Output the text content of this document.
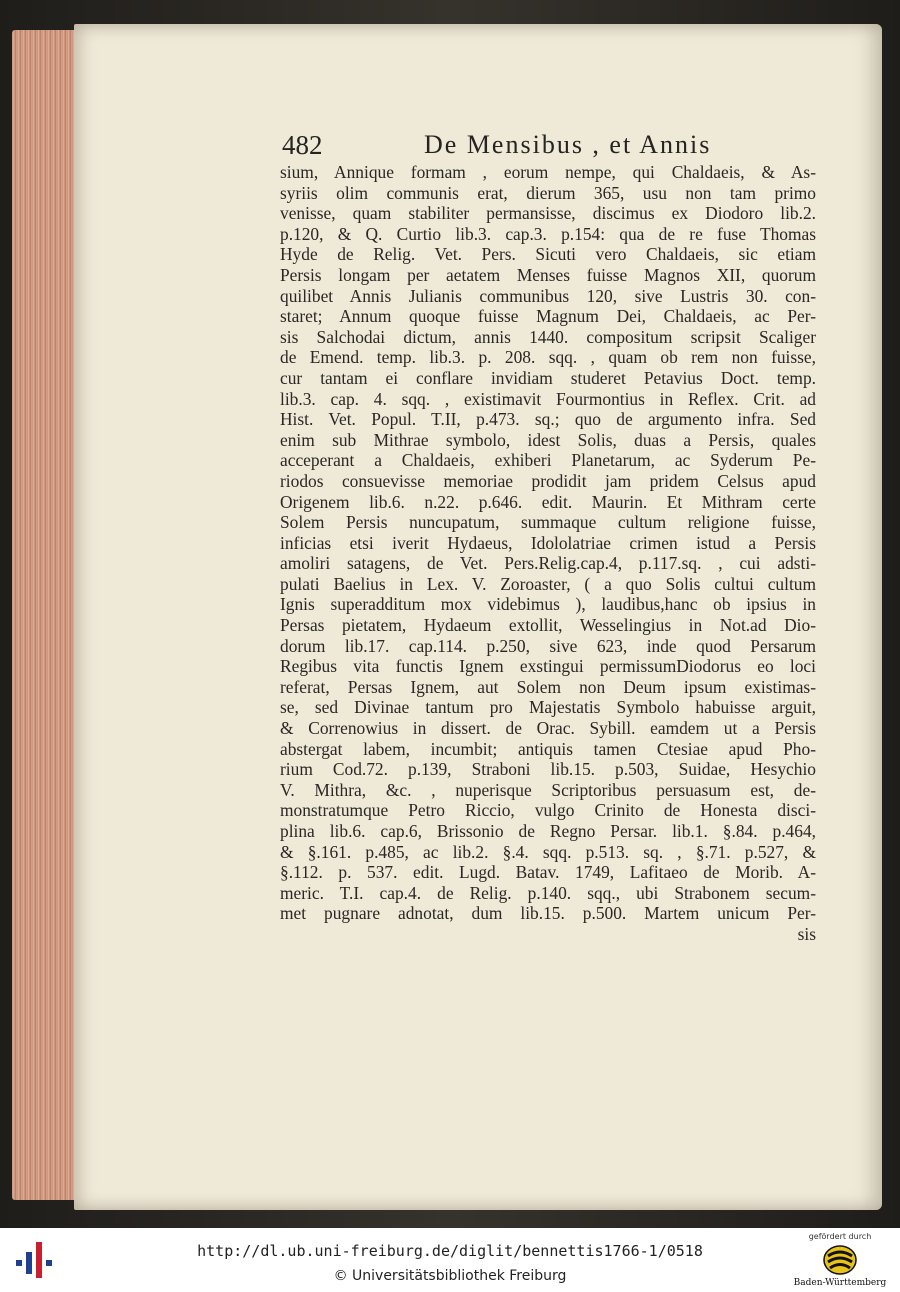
482	De Mensibus , et Annis
sium, Annique formam , eorum nempe, qui Chaldaeis, & As-
syriis olim communis erat, dierum 365, usu non tam primo
venisse, quam stabiliter permansisse, discimus ex Diodoro lib.2.
p.120, & Q. Curtio lib.3. cap.3. p.154: qua de re fuse Thomas
Hyde de Relig. Vet. Pers. Sicuti vero Chaldaeis, sic etiam
Persis longam per aetatem Menses fuisse Magnos XII, quorum
quilibet Annis Julianis communibus 120, sive Lustris 30. con-
staret; Annum quoque fuisse Magnum Dei, Chaldaeis, ac Per-
sis Salchodai dictum, annis 1440. compositum scripsit Scaliger
de Emend. temp. lib.3. p. 208. sqq. , quam ob rem non fuisse,
cur tantam ei conflare invidiam studeret Petavius Doct. temp.
lib.3. cap. 4. sqq. , existimavit Fourmontius in Reflex. Crit. ad
Hist. Vet. Popul. T.II, p.473. sq.; quo de argumento infra. Sed
enim sub Mithrae symbolo, idest Solis, duas a Persis, quales
acceperant a Chaldaeis, exhiberi Planetarum, ac Syderum Pe-
riodos consuevisse memoriae prodidit jam pridem Celsus apud
Origenem lib.6. n.22. p.646. edit. Maurin. Et Mithram certe
Solem Persis nuncupatum, summaque cultum religione fuisse,
inficias etsi iverit Hydaeus, Idololatriae crimen istud a Persis
amoliri satagens, de Vet. Pers.Relig.cap.4, p.117.sq. , cui adsti-
pulati Baelius in Lex. V. Zoroaster, ( a quo Solis cultui cultum
Ignis superadditum mox videbimus ), laudibus,hanc ob ipsius in
Persas pietatem, Hydaeum extollit, Wesselingius in Not.ad Dio-
dorum lib.17. cap.114. p.250, sive 623, inde quod Persarum
Regibus vita functis Ignem exstingui permissumDiodorus eo loci
referat, Persas Ignem, aut Solem non Deum ipsum existimas-
se, sed Divinae tantum pro Majestatis Symbolo habuisse arguit,
& Correnowius in dissert. de Orac. Sybill. eamdem ut a Persis
abstergat labem, incumbit; antiquis tamen Ctesiae apud Pho-
rium Cod.72. p.139, Straboni lib.15. p.503, Suidae, Hesychio
V. Mithra, &c. , nuperisque Scriptoribus persuasum est, de-
monstratumque Petro Riccio, vulgo Crinito de Honesta disci-
plina lib.6. cap.6, Brissonio de Regno Persar. lib.1. §.84. p.464,
& §.161. p.485, ac lib.2. §.4. sqq. p.513. sq. , §.71. p.527, &
§.112. p. 537. edit. Lugd. Batav. 1749, Lafitaeo de Morib. A-
meric. T.I. cap.4. de Relig. p.140. sqq., ubi Strabonem secum-
met pugnare adnotat, dum lib.15. p.500. Martem unicum Per-
sis
http://dl.ub.uni-freiburg.de/diglit/bennettis1766-1/0518
© Universitätsbibliothek Freiburg
gefördert durch
Baden-Württemberg
